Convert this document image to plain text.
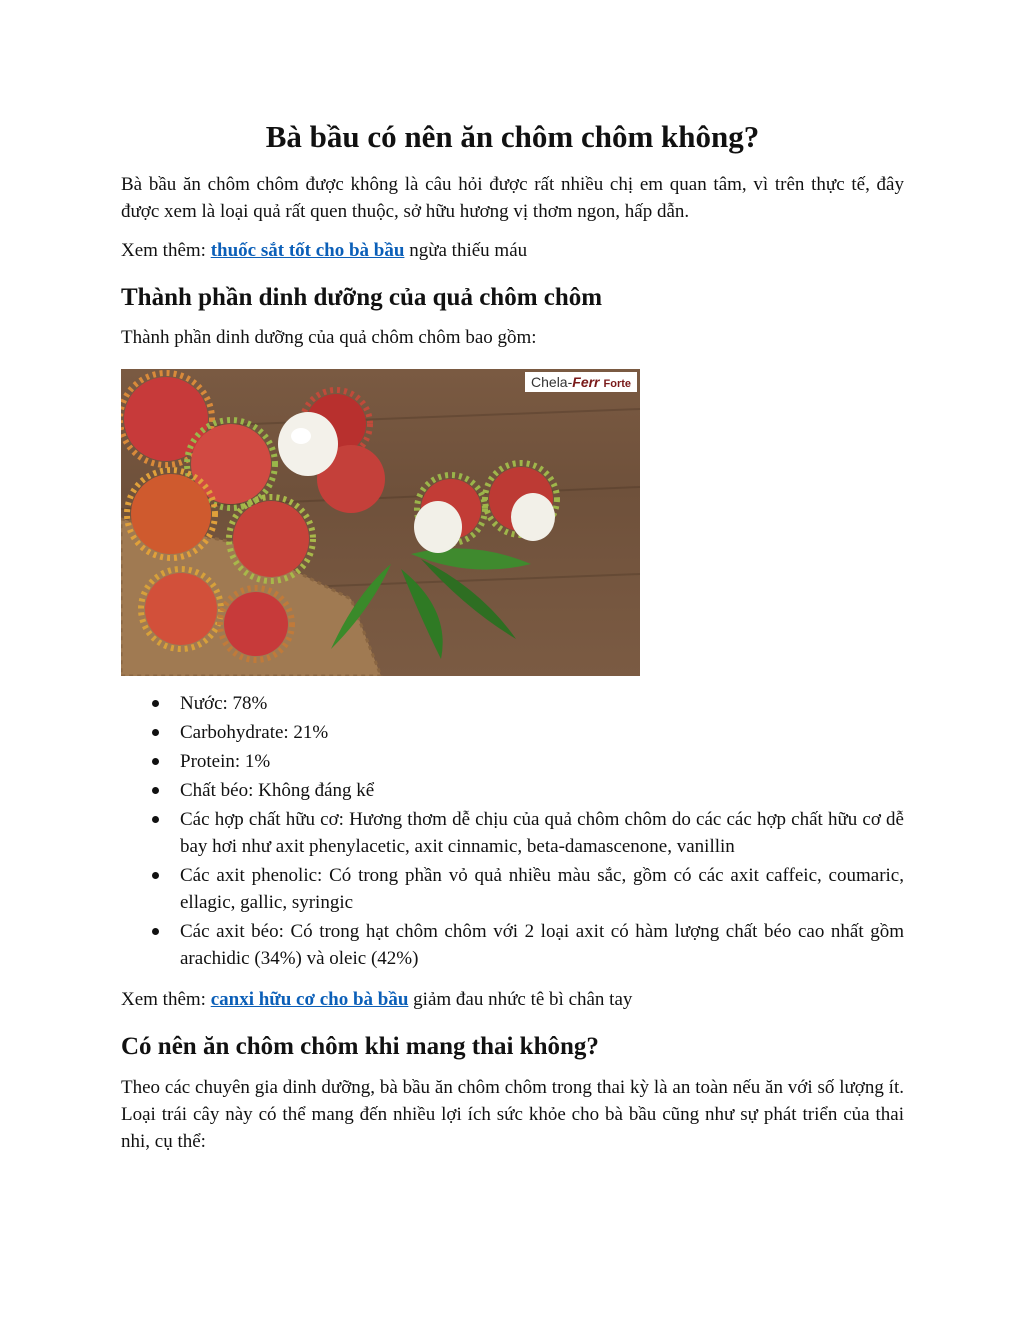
Bà bầu có nên ăn chôm chôm không?

Bà bầu ăn chôm chôm được không là câu hỏi được rất nhiều chị em quan tâm, vì trên thực tế, đây được xem là loại quả rất quen thuộc, sở hữu hương vị thơm ngon, hấp dẫn.

Xem thêm: thuốc sắt tốt cho bà bầu ngừa thiếu máu

Thành phần dinh dưỡng của quả chôm chôm

Thành phần dinh dưỡng của quả chôm chôm bao gồm:

Chela-Ferr Forte
Nước: 78%
Carbohydrate: 21%
Protein: 1%
Chất béo: Không đáng kể
Các hợp chất hữu cơ: Hương thơm dễ chịu của quả chôm chôm do các các hợp chất hữu cơ dễ bay hơi như axit phenylacetic, axit cinnamic, beta-damascenone, vanillin
Các axit phenolic: Có trong phần vỏ quả nhiều màu sắc, gồm có các axit caffeic, coumaric, ellagic, gallic, syringic
Các axit béo: Có trong hạt chôm chôm với 2 loại axit có hàm lượng chất béo cao nhất gồm arachidic (34%) và oleic (42%)

Xem thêm: canxi hữu cơ cho bà bầu giảm đau nhức tê bì chân tay

Có nên ăn chôm chôm khi mang thai không?

Theo các chuyên gia dinh dưỡng, bà bầu ăn chôm chôm trong thai kỳ là an toàn nếu ăn với số lượng ít. Loại trái cây này có thể mang đến nhiều lợi ích sức khỏe cho bà bầu cũng như sự phát triển của thai nhi, cụ thể:
